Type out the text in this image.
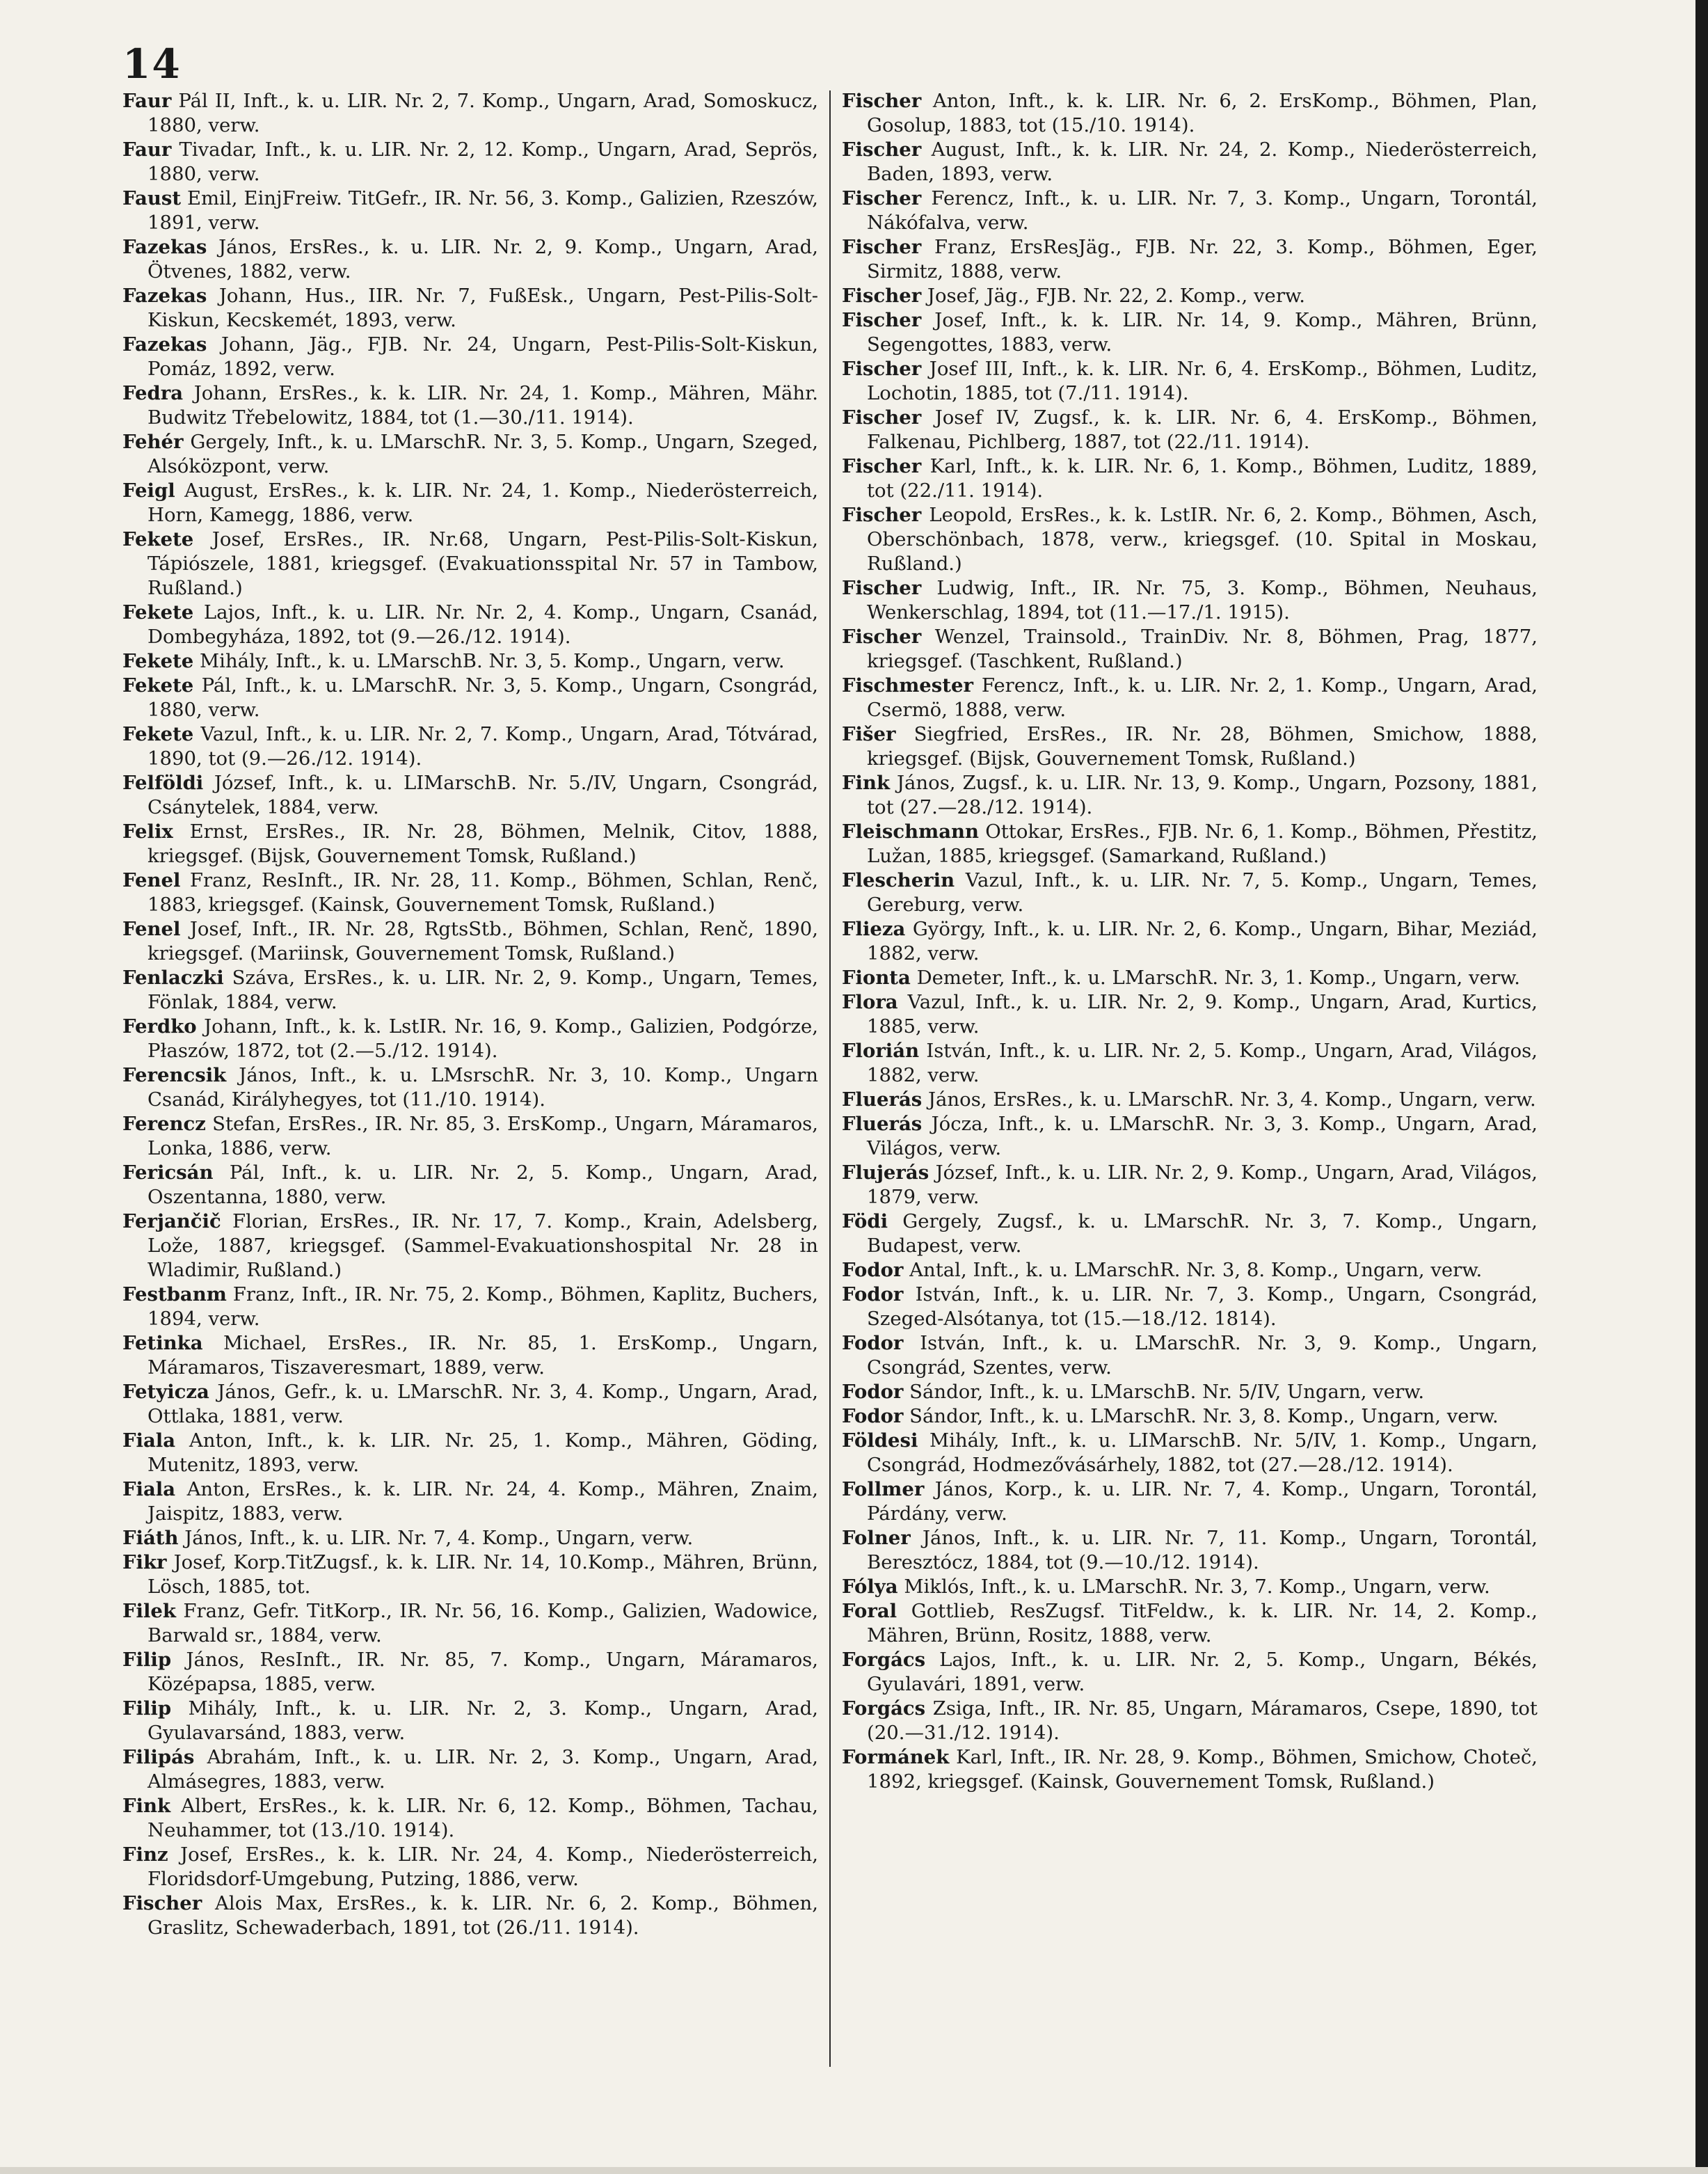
14

Faur Pál II, Inft., k. u. LIR. Nr. 2, 7. Komp., Ungarn, Arad, Somoskucz, 1880, verw.

Faur Tivadar, Inft., k. u. LIR. Nr. 2, 12. Komp., Ungarn, Arad, Seprös, 1880, verw.

Faust Emil, EinjFreiw. TitGefr., IR. Nr. 56, 3. Komp., Galizien, Rzeszów, 1891, verw.

Fazekas János, ErsRes., k. u. LIR. Nr. 2, 9. Komp., Ungarn, Arad, Ötvenes, 1882, verw.

Fazekas Johann, Hus., IIR. Nr. 7, FußEsk., Ungarn, Pest-Pilis-Solt-Kiskun, Kecskemét, 1893, verw.

Fazekas Johann, Jäg., FJB. Nr. 24, Ungarn, Pest-Pilis-Solt-Kiskun, Pomáz, 1892, verw.

Fedra Johann, ErsRes., k. k. LIR. Nr. 24, 1. Komp., Mähren, Mähr. Budwitz Třebelowitz, 1884, tot (1.—30./11. 1914).

Fehér Gergely, Inft., k. u. LMarschR. Nr. 3, 5. Komp., Ungarn, Szeged, Alsóközpont, verw.

Feigl August, ErsRes., k. k. LIR. Nr. 24, 1. Komp., Niederösterreich, Horn, Kamegg, 1886, verw.

Fekete Josef, ErsRes., IR. Nr.68, Ungarn, Pest-Pilis-Solt-Kiskun, Tápiószele, 1881, kriegsgef. (Evakuationsspital Nr. 57 in Tambow, Rußland.)

Fekete Lajos, Inft., k. u. LIR. Nr. Nr. 2, 4. Komp., Ungarn, Csanád, Dombegyháza, 1892, tot (9.—26./12. 1914).

Fekete Mihály, Inft., k. u. LMarschB. Nr. 3, 5. Komp., Ungarn, verw.

Fekete Pál, Inft., k. u. LMarschR. Nr. 3, 5. Komp., Ungarn, Csongrád, 1880, verw.

Fekete Vazul, Inft., k. u. LIR. Nr. 2, 7. Komp., Ungarn, Arad, Tótvárad, 1890, tot (9.—26./12. 1914).

Felföldi József, Inft., k. u. LIMarschB. Nr. 5./IV, Ungarn, Csongrád, Csánytelek, 1884, verw.

Felix Ernst, ErsRes., IR. Nr. 28, Böhmen, Melnik, Citov, 1888, kriegsgef. (Bijsk, Gouvernement Tomsk, Rußland.)

Fenel Franz, ResInft., IR. Nr. 28, 11. Komp., Böhmen, Schlan, Renč, 1883, kriegsgef. (Kainsk, Gouvernement Tomsk, Rußland.)

Fenel Josef, Inft., IR. Nr. 28, RgtsStb., Böhmen, Schlan, Renč, 1890, kriegsgef. (Mariinsk, Gouvernement Tomsk, Rußland.)

Fenlaczki Száva, ErsRes., k. u. LIR. Nr. 2, 9. Komp., Ungarn, Temes, Fönlak, 1884, verw.

Ferdko Johann, Inft., k. k. LstIR. Nr. 16, 9. Komp., Galizien, Podgórze, Płaszów, 1872, tot (2.—5./12. 1914).

Ferencsik János, Inft., k. u. LMsrschR. Nr. 3, 10. Komp., Ungarn Csanád, Királyhegyes, tot (11./10. 1914).

Ferencz Stefan, ErsRes., IR. Nr. 85, 3. ErsKomp., Ungarn, Máramaros, Lonka, 1886, verw.

Fericsán Pál, Inft., k. u. LIR. Nr. 2, 5. Komp., Ungarn, Arad, Oszentanna, 1880, verw.

Ferjančič Florian, ErsRes., IR. Nr. 17, 7. Komp., Krain, Adelsberg, Lože, 1887, kriegsgef. (Sammel-Evakuationshospital Nr. 28 in Wladimir, Rußland.)

Festbanm Franz, Inft., IR. Nr. 75, 2. Komp., Böhmen, Kaplitz, Buchers, 1894, verw.

Fetinka Michael, ErsRes., IR. Nr. 85, 1. ErsKomp., Ungarn, Máramaros, Tiszaveresmart, 1889, verw.

Fetyiczа János, Gefr., k. u. LMarschR. Nr. 3, 4. Komp., Ungarn, Arad, Ottlaka, 1881, verw.

Fiala Anton, Inft., k. k. LIR. Nr. 25, 1. Komp., Mähren, Göding, Mutenitz, 1893, verw.

Fiala Anton, ErsRes., k. k. LIR. Nr. 24, 4. Komp., Mähren, Znaim, Jaispitz, 1883, verw.

Fiáth János, Inft., k. u. LIR. Nr. 7, 4. Komp., Ungarn, verw.

Fikr Josef, Korp.TitZugsf., k. k. LIR. Nr. 14, 10.Komp., Mähren, Brünn, Lösch, 1885, tot.

Filek Franz, Gefr. TitKorp., IR. Nr. 56, 16. Komp., Galizien, Wadowice, Barwald sr., 1884, verw.

Filip János, ResInft., IR. Nr. 85, 7. Komp., Ungarn, Máramaros, Középapsa, 1885, verw.

Filip Mihály, Inft., k. u. LIR. Nr. 2, 3. Komp., Ungarn, Arad, Gyulavarsánd, 1883, verw.

Filipás Abrahám, Inft., k. u. LIR. Nr. 2, 3. Komp., Ungarn, Arad, Almásegres, 1883, verw.

Fink Albert, ErsRes., k. k. LIR. Nr. 6, 12. Komp., Böhmen, Tachau, Neuhammer, tot (13./10. 1914).

Finz Josef, ErsRes., k. k. LIR. Nr. 24, 4. Komp., Niederösterreich, Floridsdorf-Umgebung, Putzing, 1886, verw.

Fischer Alois Max, ErsRes., k. k. LIR. Nr. 6, 2. Komp., Böhmen, Graslitz, Schewaderbach, 1891, tot (26./11. 1914).

Fischer Anton, Inft., k. k. LIR. Nr. 6, 2. ErsKomp., Böhmen, Plan, Gosolup, 1883, tot (15./10. 1914).

Fischer August, Inft., k. k. LIR. Nr. 24, 2. Komp., Niederösterreich, Baden, 1893, verw.

Fischer Ferencz, Inft., k. u. LIR. Nr. 7, 3. Komp., Ungarn, Torontál, Nákófalva, verw.

Fischer Franz, ErsResJäg., FJB. Nr. 22, 3. Komp., Böhmen, Eger, Sirmitz, 1888, verw.

Fischer Josef, Jäg., FJB. Nr. 22, 2. Komp., verw.

Fischer Josef, Inft., k. k. LIR. Nr. 14, 9. Komp., Mähren, Brünn, Segengottes, 1883, verw.

Fischer Josef III, Inft., k. k. LIR. Nr. 6, 4. ErsKomp., Böhmen, Luditz, Lochotin, 1885, tot (7./11. 1914).

Fischer Josef IV, Zugsf., k. k. LIR. Nr. 6, 4. ErsKomp., Böhmen, Falkenau, Pichlberg, 1887, tot (22./11. 1914).

Fischer Karl, Inft., k. k. LIR. Nr. 6, 1. Komp., Böhmen, Luditz, 1889, tot (22./11. 1914).

Fischer Leopold, ErsRes., k. k. LstIR. Nr. 6, 2. Komp., Böhmen, Asch, Oberschönbach, 1878, verw., kriegsgef. (10. Spital in Moskau, Rußland.)

Fischer Ludwig, Inft., IR. Nr. 75, 3. Komp., Böhmen, Neuhaus, Wenkerschlag, 1894, tot (11.—17./1. 1915).

Fischer Wenzel, Trainsold., TrainDiv. Nr. 8, Böhmen, Prag, 1877, kriegsgef. (Taschkent, Rußland.)

Fischmester Ferencz, Inft., k. u. LIR. Nr. 2, 1. Komp., Ungarn, Arad, Csermö, 1888, verw.

Fišer Siegfried, ErsRes., IR. Nr. 28, Böhmen, Smichow, 1888, kriegsgef. (Bijsk, Gouvernement Tomsk, Rußland.)

Fink János, Zugsf., k. u. LIR. Nr. 13, 9. Komp., Ungarn, Pozsony, 1881, tot (27.—28./12. 1914).

Fleischmann Ottokar, ErsRes., FJB. Nr. 6, 1. Komp., Böhmen, Přestitz, Lužan, 1885, kriegsgef. (Samarkand, Rußland.)

Flescherin Vazul, Inft., k. u. LIR. Nr. 7, 5. Komp., Ungarn, Temes, Gereburg, verw.

Flieza György, Inft., k. u. LIR. Nr. 2, 6. Komp., Ungarn, Bihar, Meziád, 1882, verw.

Fionta Demeter, Inft., k. u. LMarschR. Nr. 3, 1. Komp., Ungarn, verw.

Flora Vazul, Inft., k. u. LIR. Nr. 2, 9. Komp., Ungarn, Arad, Kurtics, 1885, verw.

Florián István, Inft., k. u. LIR. Nr. 2, 5. Komp., Ungarn, Arad, Világos, 1882, verw.

Fluerás János, ErsRes., k. u. LMarschR. Nr. 3, 4. Komp., Ungarn, verw.

Fluerás Jócza, Inft., k. u. LMarschR. Nr. 3, 3. Komp., Ungarn, Arad, Világos, verw.

Flujerás József, Inft., k. u. LIR. Nr. 2, 9. Komp., Ungarn, Arad, Világos, 1879, verw.

Födi Gergely, Zugsf., k. u. LMarschR. Nr. 3, 7. Komp., Ungarn, Budapest, verw.

Fodor Antal, Inft., k. u. LMarschR. Nr. 3, 8. Komp., Ungarn, verw.

Fodor István, Inft., k. u. LIR. Nr. 7, 3. Komp., Ungarn, Csongrád, Szeged-Alsótanya, tot (15.—18./12. 1814).

Fodor István, Inft., k. u. LMarschR. Nr. 3, 9. Komp., Ungarn, Csongrád, Szentes, verw.

Fodor Sándor, Inft., k. u. LMarschB. Nr. 5/IV, Ungarn, verw.

Fodor Sándor, Inft., k. u. LMarschR. Nr. 3, 8. Komp., Ungarn, verw.

Földesi Mihály, Inft., k. u. LIMarschB. Nr. 5/IV, 1. Komp., Ungarn, Csongrád, Hodmezővásárhely, 1882, tot (27.—28./12. 1914).

Follmer János, Korp., k. u. LIR. Nr. 7, 4. Komp., Ungarn, Torontál, Párdány, verw.

Folner János, Inft., k. u. LIR. Nr. 7, 11. Komp., Ungarn, Torontál, Beresztócz, 1884, tot (9.—10./12. 1914).

Fólya Miklós, Inft., k. u. LMarschR. Nr. 3, 7. Komp., Ungarn, verw.

Foral Gottlieb, ResZugsf. TitFeldw., k. k. LIR. Nr. 14, 2. Komp., Mähren, Brünn, Rositz, 1888, verw.

Forgács Lajos, Inft., k. u. LIR. Nr. 2, 5. Komp., Ungarn, Békés, Gyulavári, 1891, verw.

Forgács Zsiga, Inft., IR. Nr. 85, Ungarn, Máramaros, Csepe, 1890, tot (20.—31./12. 1914).

Formánek Karl, Inft., IR. Nr. 28, 9. Komp., Böhmen, Smichow, Choteč, 1892, kriegsgef. (Kainsk, Gouvernement Tomsk, Rußland.)
